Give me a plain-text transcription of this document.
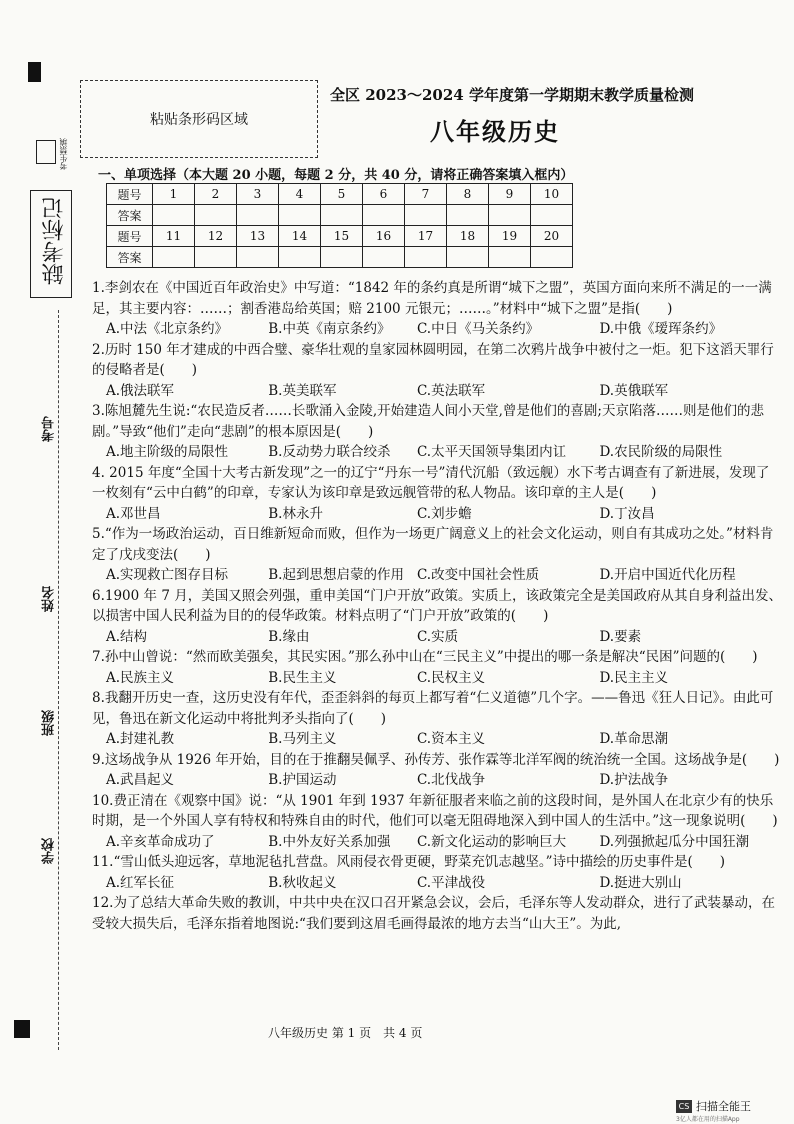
考生禁填
缺考标记
考号
姓名
班级
学校
粘贴条形码区域
全区 2023～2024 学年度第一学期期末教学质量检测
八年级历史
一、单项选择（本大题 20 小题，每题 2 分，共 40 分，请将正确答案填入框内）
题号	1	2	3	4	5	6	7	8	9	10
答案										
题号	11	12	13	14	15	16	17	18	19	20
答案										

1.李剑农在《中国近百年政治史》中写道：“1842 年的条约真是所谓“城下之盟”，英国方面向来所不满足的一一满足，其主要内容：……；割香港岛给英国；赔 2100 元银元；……。”材料中“城下之盟”是指(　　)

A.中法《北京条约》	B.中英《南京条约》	C.中日《马关条约》	D.中俄《瑷珲条约》

2.历时 150 年才建成的中西合璧、豪华壮观的皇家园林圆明园，在第二次鸦片战争中被付之一炬。犯下这滔天罪行的侵略者是(　　)

A.俄法联军	B.英美联军	C.英法联军	D.英俄联军

3.陈旭麓先生说:“农民造反者……长歌涌入金陵,开始建造人间小天堂,曾是他们的喜剧;天京陷落……则是他们的悲剧。”导致“他们”走向“悲剧”的根本原因是(　　)

A.地主阶级的局限性	B.反动势力联合绞杀	C.太平天国领导集团内讧	D.农民阶级的局限性

4. 2015 年度“全国十大考古新发现”之一的辽宁“丹东一号”清代沉船（致远舰）水下考古调查有了新进展，发现了一枚刻有“云中白鹤”的印章，专家认为该印章是致远舰管带的私人物品。该印章的主人是(　　)

A.邓世昌	B.林永升	C.刘步蟾	D.丁汝昌

5.“作为一场政治运动，百日维新短命而败，但作为一场更广阔意义上的社会文化运动，则自有其成功之处。”材料肯定了戊戌变法(　　)

A.实现救亡图存目标	B.起到思想启蒙的作用 C.改变中国社会性质	D.开启中国近代化历程

6.1900 年 7 月，美国又照会列强，重申美国“门户开放”政策。实质上，该政策完全是美国政府从其自身利益出发、以损害中国人民利益为目的的侵华政策。材料点明了“门户开放”政策的(　　)

A.结构	B.缘由	C.实质	D.要素

7.孙中山曾说：“然而欧美强矣，其民实困。”那么孙中山在“三民主义”中提出的哪一条是解决“民困”问题的(　　)

A.民族主义	B.民生主义	C.民权主义	D.民主主义

8.我翻开历史一查，这历史没有年代，歪歪斜斜的每页上都写着“仁义道德”几个字。——鲁迅《狂人日记》。由此可见，鲁迅在新文化运动中将批判矛头指向了(　　)

A.封建礼教	B.马列主义	C.资本主义	D.革命思潮

9.这场战争从 1926 年开始，目的在于推翻吴佩孚、孙传芳、张作霖等北洋军阀的统治统一全国。这场战争是(　　)

A.武昌起义	B.护国运动	C.北伐战争	D.护法战争

10.费正清在《观察中国》说：“从 1901 年到 1937 年新征服者来临之前的这段时间，是外国人在北京少有的快乐时期，是一个外国人享有特权和特殊自由的时代，他们可以毫无阻碍地深入到中国人的生活中。”这一现象说明(　　)

A.辛亥革命成功了	B.中外友好关系加强	C.新文化运动的影响巨大	D.列强掀起瓜分中国狂潮

11.“雪山低头迎远客，草地泥毡扎营盘。风雨侵衣骨更硬，野菜充饥志越坚。”诗中描绘的历史事件是(　　)

A.红军长征	B.秋收起义	C.平津战役	D.挺进大别山

12.为了总结大革命失败的教训，中共中央在汉口召开紧急会议，会后，毛泽东等人发动群众，进行了武装暴动，在受较大损失后，毛泽东指着地图说:“我们要到这眉毛画得最浓的地方去当“山大王”。为此,

八年级历史 第 1 页　共 4 页
CS 扫描全能王
3亿人都在用的扫描App
